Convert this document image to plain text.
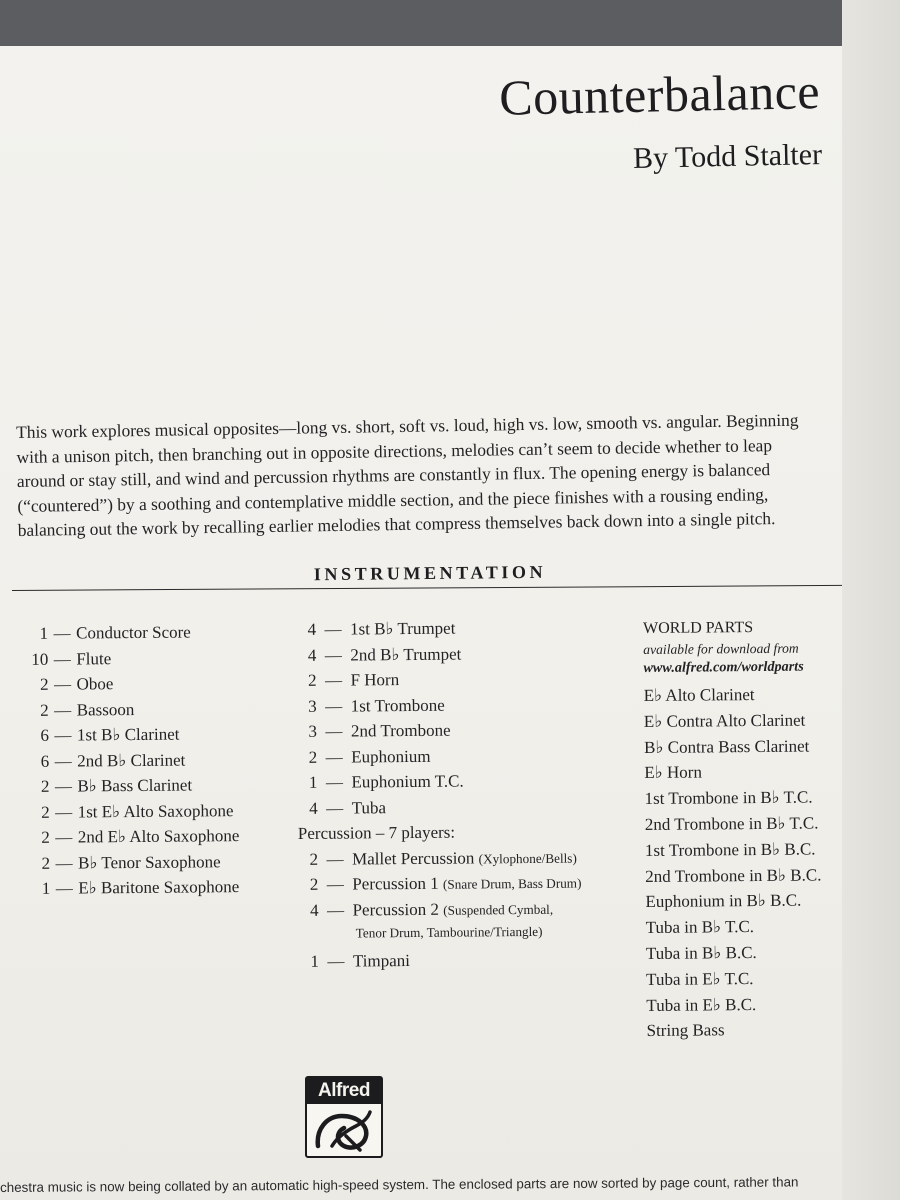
Counterbalance
By Todd Stalter

This work explores musical opposites—long vs. short, soft vs. loud, high vs. low, smooth vs. angular. Beginning
with a unison pitch, then branching out in opposite directions, melodies can’t seem to decide whether to leap
around or stay still, and wind and percussion rhythms are constantly in flux. The opening energy is balanced
(“countered”) by a soothing and contemplative middle section, and the piece finishes with a rousing ending,
balancing out the work by recalling earlier melodies that compress themselves back down into a single pitch.

INSTRUMENTATION
1 — Conductor Score
10 — Flute
2 — Oboe
2 — Bassoon
6 — 1st B♭ Clarinet
6 — 2nd B♭ Clarinet
2 — B♭ Bass Clarinet
2 — 1st E♭ Alto Saxophone
2 — 2nd E♭ Alto Saxophone
2 — B♭ Tenor Saxophone
1 — E♭ Baritone Saxophone
4 — 1st B♭ Trumpet
4 — 2nd B♭ Trumpet
2 — F Horn
3 — 1st Trombone
3 — 2nd Trombone
2 — Euphonium
1 — Euphonium T.C.
4 — Tuba
Percussion – 7 players:
2 — Mallet Percussion (Xylophone/Bells)
2 — Percussion 1 (Snare Drum, Bass Drum)
4 — Percussion 2 (Suspended Cymbal,
Tenor Drum, Tambourine/Triangle)
1 — Timpani
WORLD PARTS
available for download from
www.alfred.com/worldparts
E♭ Alto Clarinet
E♭ Contra Alto Clarinet
B♭ Contra Bass Clarinet
E♭ Horn
1st Trombone in B♭ T.C.
2nd Trombone in B♭ T.C.
1st Trombone in B♭ B.C.
2nd Trombone in B♭ B.C.
Euphonium in B♭ B.C.
Tuba in B♭ T.C.
Tuba in B♭ B.C.
Tuba in E♭ T.C.
Tuba in E♭ B.C.
String Bass
Alfred
chestra music is now being collated by an automatic high-speed system. The enclosed parts are now sorted by page count, rather than
